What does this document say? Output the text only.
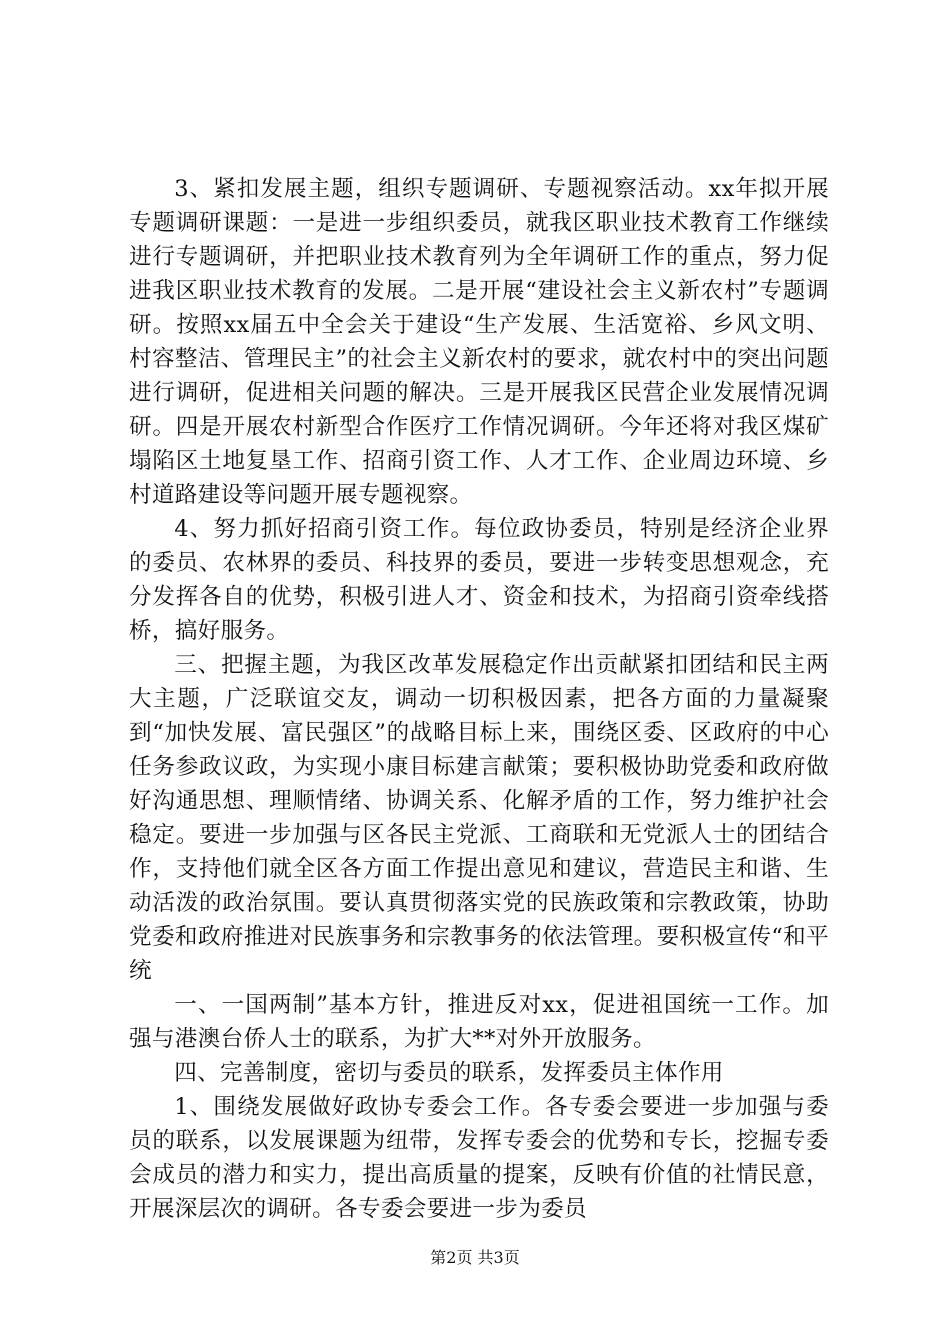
3、紧扣发展主题，组织专题调研、专题视察活动。xx年拟开展专题调研课题：一是进一步组织委员，就我区职业技术教育工作继续进行专题调研，并把职业技术教育列为全年调研工作的重点，努力促进我区职业技术教育的发展。二是开展“建设社会主义新农村”专题调研。按照xx届五中全会关于建设“生产发展、生活宽裕、乡风文明、村容整洁、管理民主”的社会主义新农村的要求，就农村中的突出问题进行调研，促进相关问题的解决。三是开展我区民营企业发展情况调研。四是开展农村新型合作医疗工作情况调研。今年还将对我区煤矿塌陷区土地复垦工作、招商引资工作、人才工作、企业周边环境、乡村道路建设等问题开展专题视察。

4、努力抓好招商引资工作。每位政协委员，特别是经济企业界的委员、农林界的委员、科技界的委员，要进一步转变思想观念，充分发挥各自的优势，积极引进人才、资金和技术，为招商引资牵线搭桥，搞好服务。

三、把握主题，为我区改革发展稳定作出贡献紧扣团结和民主两大主题，广泛联谊交友，调动一切积极因素，把各方面的力量凝聚到“加快发展、富民强区”的战略目标上来，围绕区委、区政府的中心任务参政议政，为实现小康目标建言献策；要积极协助党委和政府做好沟通思想、理顺情绪、协调关系、化解矛盾的工作，努力维护社会稳定。要进一步加强与区各民主党派、工商联和无党派人士的团结合作，支持他们就全区各方面工作提出意见和建议，营造民主和谐、生动活泼的政治氛围。要认真贯彻落实党的民族政策和宗教政策，协助党委和政府推进对民族事务和宗教事务的依法管理。要积极宣传“和平统

一、一国两制”基本方针，推进反对xx，促进祖国统一工作。加强与港澳台侨人士的联系，为扩大**对外开放服务。

四、完善制度，密切与委员的联系，发挥委员主体作用

1、围绕发展做好政协专委会工作。各专委会要进一步加强与委员的联系，以发展课题为纽带，发挥专委会的优势和专长，挖掘专委会成员的潜力和实力，提出高质量的提案，反映有价值的社情民意，开展深层次的调研。各专委会要进一步为委员

第2页 共3页
